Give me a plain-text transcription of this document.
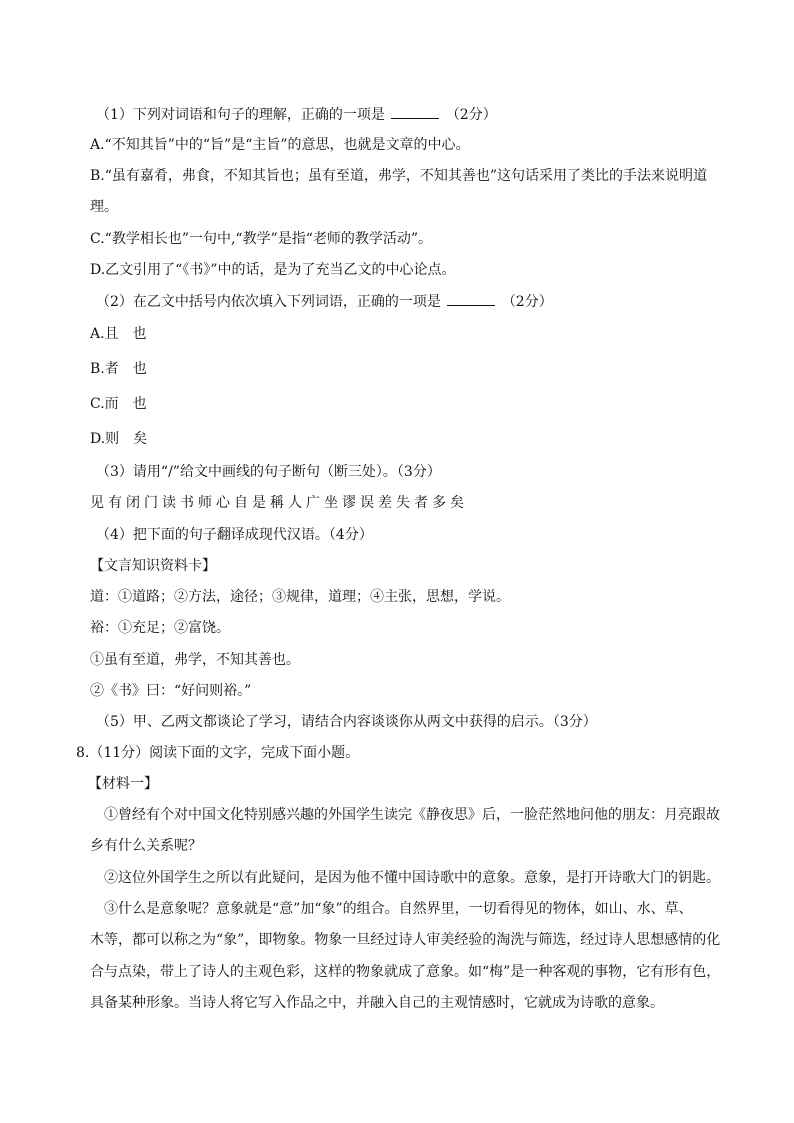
（1）下列对词语和句子的理解，正确的一项是	（2分）
A.“不知其旨”中的“旨”是“主旨”的意思，也就是文章的中心。
B.“虽有嘉肴，弗食，不知其旨也；虽有至道，弗学，不知其善也”这句话采用了类比的手法来说明道
理。
C.“教学相长也”一句中,“教学”是指“老师的教学活动”。
D.乙文引用了“《书》”中的话，是为了充当乙文的中心论点。
（2）在乙文中括号内依次填入下列词语，正确的一项是	（2分）
A.且　也
B.者　也
C.而　也
D.则　矣
（3）请用“/”给文中画线的句子断句（断三处）。（3分）
见有闭门读书师心自是稱人广坐谬误差失者多矣
（4）把下面的句子翻译成现代汉语。（4分）
【文言知识资料卡】
道：①道路；②方法，途径；③规律，道理；④主张，思想，学说。
裕：①充足；②富饶。
①虽有至道，弗学，不知其善也。
②《书》曰：“好问则裕。”
（5）甲、乙两文都谈论了学习，请结合内容谈谈你从两文中获得的启示。（3分）
8.（11分）阅读下面的文字，完成下面小题。
【材料一】
①曾经有个对中国文化特别感兴趣的外国学生读完《静夜思》后，一脸茫然地问他的朋友：月亮跟故
乡有什么关系呢？
②这位外国学生之所以有此疑问，是因为他不懂中国诗歌中的意象。意象，是打开诗歌大门的钥匙。
③什么是意象呢？意象就是“意”加“象”的组合。自然界里，一切看得见的物体，如山、水、草、
木等，都可以称之为“象”，即物象。物象一旦经过诗人审美经验的淘洗与筛选，经过诗人思想感情的化
合与点染，带上了诗人的主观色彩，这样的物象就成了意象。如“梅”是一种客观的事物，它有形有色，
具备某种形象。当诗人将它写入作品之中，并融入自己的主观情感时，它就成为诗歌的意象。
